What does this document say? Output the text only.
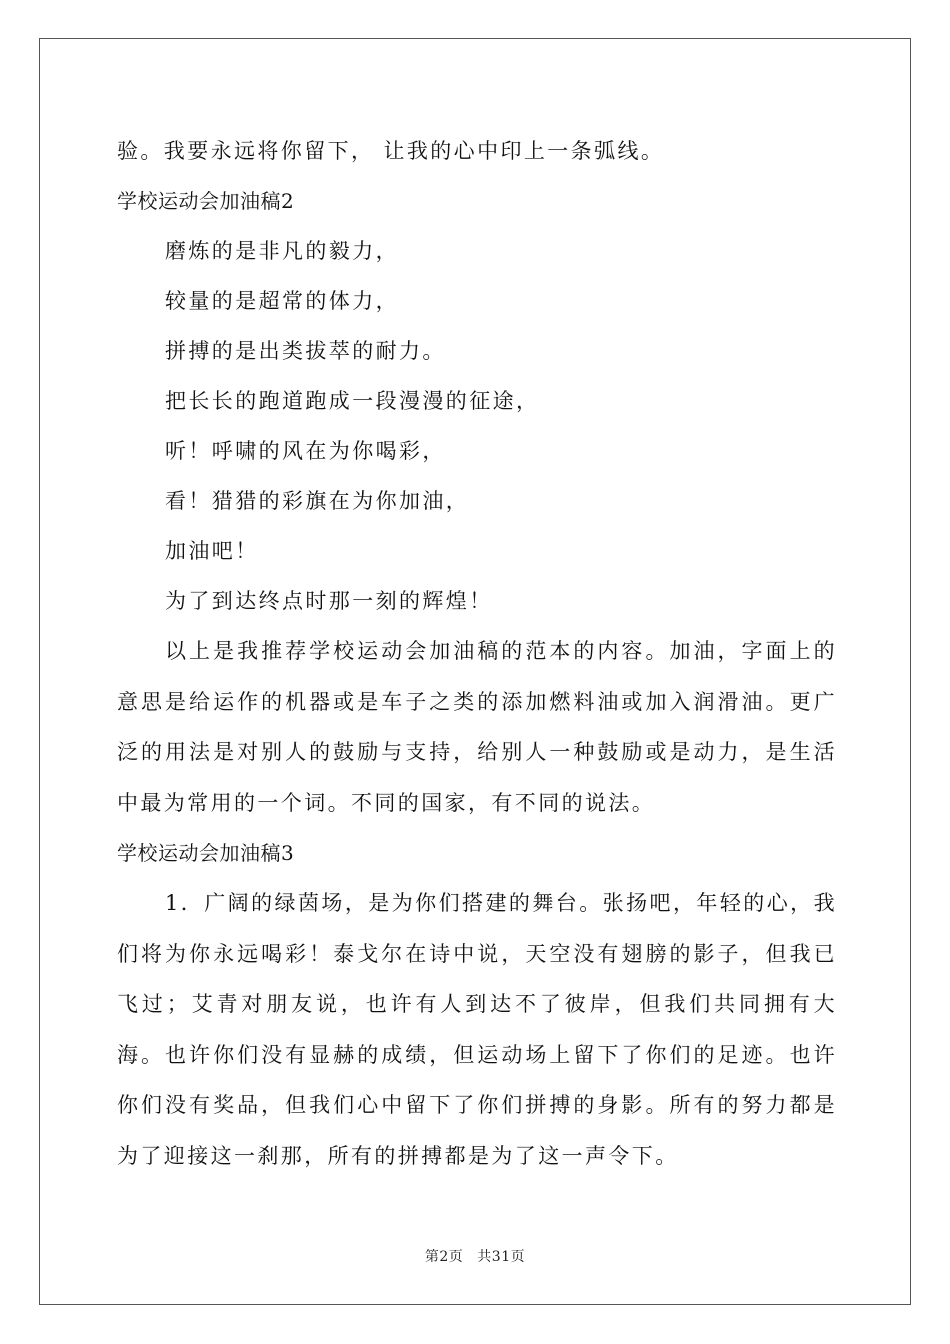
验。我要永远将你留下， 让我的心中印上一条弧线。
学校运动会加油稿2
磨炼的是非凡的毅力，
较量的是超常的体力，
拼搏的是出类拔萃的耐力。
把长长的跑道跑成一段漫漫的征途，
听！呼啸的风在为你喝彩，
看！猎猎的彩旗在为你加油，
加油吧！
为了到达终点时那一刻的辉煌！

以上是我推荐学校运动会加油稿的范本的内容。加油，字面上的意思是给运作的机器或是车子之类的添加燃料油或加入润滑油。更广泛的用法是对别人的鼓励与支持，给别人一种鼓励或是动力，是生活中最为常用的一个词。不同的国家，有不同的说法。

学校运动会加油稿3

1．广阔的绿茵场，是为你们搭建的舞台。张扬吧，年轻的心，我们将为你永远喝彩！泰戈尔在诗中说，天空没有翅膀的影子，但我已飞过；艾青对朋友说，也许有人到达不了彼岸，但我们共同拥有大海。也许你们没有显赫的成绩，但运动场上留下了你们的足迹。也许你们没有奖品，但我们心中留下了你们拼搏的身影。所有的努力都是为了迎接这一刹那，所有的拼搏都是为了这一声令下。

第2页 共31页
